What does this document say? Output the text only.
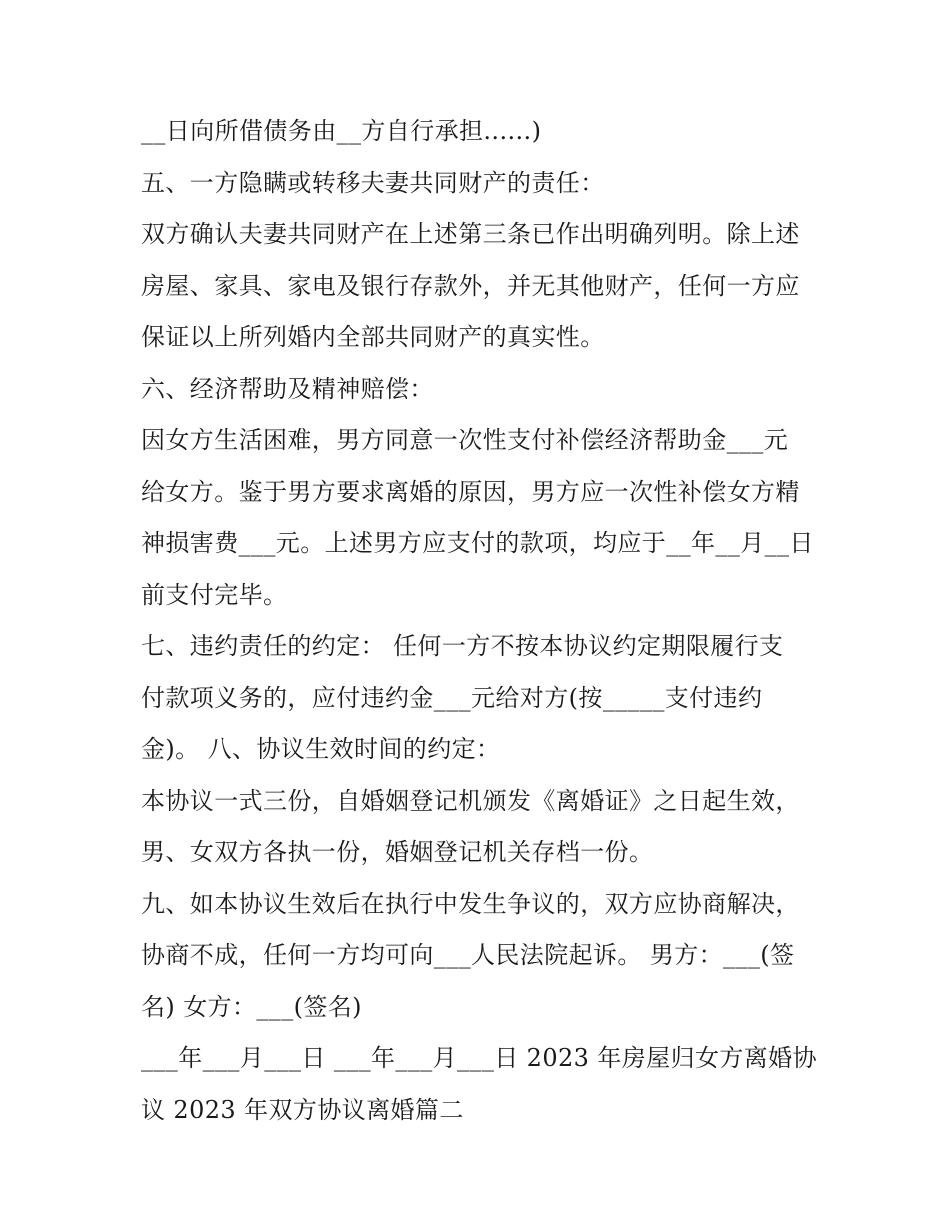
__日向所借债务由__方自行承担......)
五、一方隐瞒或转移夫妻共同财产的责任：
双方确认夫妻共同财产在上述第三条已作出明确列明。除上述
房屋、家具、家电及银行存款外，并无其他财产，任何一方应
保证以上所列婚内全部共同财产的真实性。
六、经济帮助及精神赔偿：
因女方生活困难，男方同意一次性支付补偿经济帮助金___元
给女方。鉴于男方要求离婚的原因，男方应一次性补偿女方精
神损害费___元。上述男方应支付的款项，均应于__年__月__日
前支付完毕。
七、违约责任的约定： 任何一方不按本协议约定期限履行支
付款项义务的，应付违约金___元给对方(按_____支付违约
金)。 八、协议生效时间的约定：
本协议一式三份，自婚姻登记机颁发《离婚证》之日起生效，
男、女双方各执一份，婚姻登记机关存档一份。
九、如本协议生效后在执行中发生争议的，双方应协商解决，
协商不成，任何一方均可向___人民法院起诉。 男方：___(签
名) 女方：___(签名)
___年___月___日 ___年___月___日 2023 年房屋归女方离婚协
议 2023 年双方协议离婚篇二
